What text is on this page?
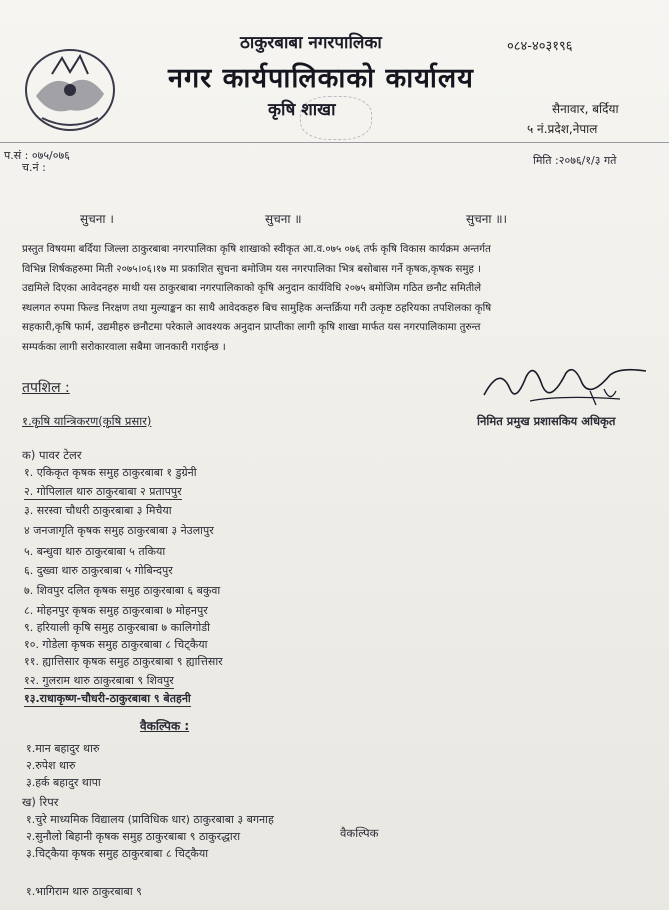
ठाकुरबाबा नगरपालिका
नगर कार्यपालिकाको कार्यालय
कृषि शाखा
०८४-४०३१९६
सैनावार, बर्दिया
५ नं.प्रदेश,नेपाल
प.सं : ०७५/०७६
च.नं :
मिति :२०७६/१/३ गते
सुचना ।	सुचना ॥	सुचना ॥।
प्रस्तुत विषयमा बर्दिया जिल्ला ठाकुरबाबा नगरपालिका कृषि शाखाको स्वीकृत आ.व.०७५ ०७६ तर्फ कृषि विकास कार्यक्रम अन्तर्गत
विभिन्न शिर्षकहरुमा मिती २०७५।०६।१७ मा प्रकाशित सुचना बमोजिम यस नगरपालिका भित्र बसोबास गर्ने कृषक,कृषक समुह ।
उद्यमिले दिएका आवेदनहरु माथी यस ठाकुरबाबा नगरपालिकाको कृषि अनुदान कार्यविधि २०७५ बमोजिम गठित छनौट समितीले
स्थलगत रुपमा फिल्ड निरक्षण तथा मुल्याङ्कन का साथै आवेदकहरु बिच सामुहिक अन्तर्क्रिया गरी उत्कृष्ट ठहरियका तपशिलका कृषि
सहकारी,कृषि फार्म, उद्यमीहरु छनौटमा परेकाले आवश्यक अनुदान प्राप्तीका लागी कृषि शाखा मार्फत यस नगरपालिकामा तुरुन्त
सम्पर्कका लागी सरोकारवाला सबैमा जानकारी गराईन्छ ।
तपशिल :
निमित प्रमुख प्रशासकिय अधिकृत
१.कृषि यान्त्रिकरण(कृषि प्रसार)
क) पावर टेलर
१. एकिकृत कृषक समुह ठाकुरबाबा १ डुग्रेनी
२. गोपिलाल थारु ठाकुरबाबा २ प्रतापपुर
३. सरस्वा चौधरी ठाकुरबाबा ३ मिचैया
४ जनजागृति कृषक समुह ठाकुरबाबा ३ नेउलापुर
५. बन्धुवा थारु ठाकुरबाबा ५ तकिया
६. दुख्वा थारु ठाकुरबाबा ५ गोबिन्दपुर
७. शिवपुर दलित कृषक समुह ठाकुरबाबा ६ बकुवा
८. मोहनपुर कृषक समुह ठाकुरबाबा ७ मोहनपुर
९. हरियाली कृषि समुह ठाकुरबाबा ७ कालिगोडी
१०. गोडेला कृषक समुह ठाकुरबाबा ८ चिट्कैया
११. ह्यात्तिसार कृषक समुह ठाकुरबाबा ९ ह्यात्तिसार
१२. गुलराम थारु ठाकुरबाबा ९ शिवपुर
१३.राधाकृष्ण-चौधरी-ठाकुरबाबा ९ बेतहनी
वैकल्पिक :
१.मान बहादुर थारु
२.रुपेश थारु
३.हर्क बहादुर थापा
ख) रिपर
१.चुरे माध्यमिक विद्यालय (प्राविधिक धार) ठाकुरबाबा ३ बगनाह
२.सुनौलो बिहानी कृषक समुह ठाकुरबाबा ९ ठाकुरद्धारा
३.चिट्कैया कृषक समुह ठाकुरबाबा ८ चिट्कैया
वैकल्पिक
१.भागिराम थारु ठाकुरबाबा ९
